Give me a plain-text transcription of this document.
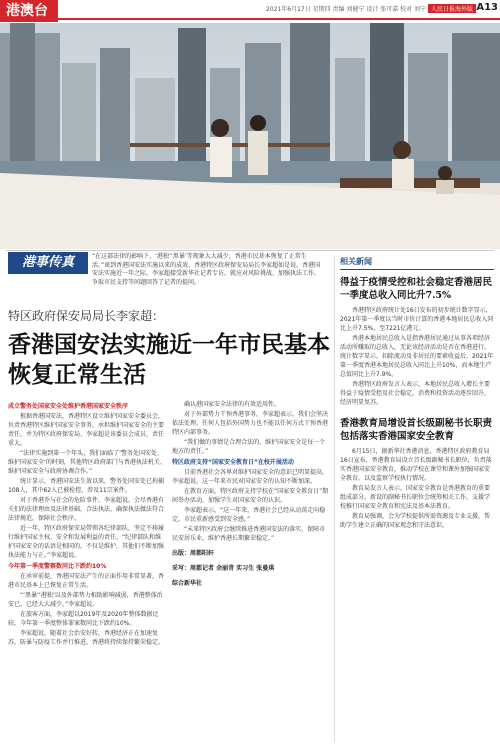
港澳台	2021年6月17日 星期四 责编 刘健宁 设计 张可嘉 校对 刘宁 人民日报海外版 A13
港事传真	“在这部法律的影响下，‘港独’‘黑暴’等现象大大减少，香港市民基本恢复了正常生活。”谈到香港国安法实施以来的成效，香港特区政府保安局局长李家超如是说。香港国安法实施近一年之际，李家超接受新华社记者专访，就应对风险挑战、加强执法工作、争取市民支持等问题回答了记者的提问。
特区政府保安局局长李家超：
香港国安法实施近一年市民基本恢复正常生活

成立警务处国家安全处维护香港国家安全秩序

根据香港国安法，香港特区设立维护国家安全委员会，负责香港特区维护国家安全事务，承担维护国家安全的主要责任，并为特区政府保安局、李家超是该委员会成员，责任重大。

“法律实施到第一个年头，我们面临了‘警务处国安处、维护国家安全’的时刻，其他特区政府部门与香港执法机关、维护国家安全与政府协调合作。”

统计显示，香港国安法生效以来，警务处国安处已拘捕108人，其中62人已被检控，涉及11宗案件。

对于香港乔与社会的危险事件，李家超说，会尽香港有关们的法律理由及法律基础，合法执法，确保执法做法符合法律规范，保障社会秩序。

近一年，特区政府保安局带领各纪律部队，坚定不移履行维护国家主权、安全和发展利益的责任。“纪律部队和维护国家安全的话语是相同的，不仅是维护，其他们不断加强执法能力与正。”李家超说。

今年第一季度警察数同比下跌约10%

在承审前提，香港国安法产生的正面作用非常显著，香港市民基本上已恢复正常生活。

“‘黑暴’‘港独’以及外部势力相助影响减弱，香港整体治安已，已经大大减少。”李家超说。

在旅客方面，李家超以2019年及2020年整体数据比较，今年第一季度整体罪案数同比下跌约10%。

李家超说，随着社会治安好转，香港经济正在加速复苏，防暴与防疫工作并行推进，香港将持续保持繁荣稳定。

确认港国家安全法律的有效适用性。

对于外部势力干预香港事务，李家超表示，我们会坚决依法处理。任何人包括外国势力也不能以任何方式干预香港特区内部事务。

“我们做的事情是合理合法的，维护国家安全是每一个地方的责任。”

特区政府支持“国家安全教育日”在校开展活动

目前香港社会各界对维护国家安全的意识已明显提高，李家超说，这一年来市民对国家安全的认知不断加深。

在教育方面，特区政府支持学校在“国家安全教育日”期间举办活动，加强学生对国家安全的认识。

李家超表示，“这一年来，香港社会已经从动荡走向稳定，市民重新感受到安全感。”

“未来特区政府会继续推进香港国安法的落实，保障市民安居乐业，维护香港长期繁荣稳定。”

出版：周都阳轩

采写：周都记者 余丽青 实习生 张曼琪

综合新华社

相关新闻
得益于疫情受控和社会稳定香港居民一季度总收入同比升7.5%

香港特区政府统计处16日发布的初步统计数字显示，2021年第一季度以当时市价计算的香港本地居民总收入同比上升7.5%，至7221亿港元。

香港本地居民总收入是指香港居民通过从事各项经济活动所赚取的总收入，无论该经济活动是否在香港进行。统计数字显示，扣除流动及非居民的要素收益后，2021年第一季度香港本地居民总收入同比上升10%，而本地生产总值同比上升7.9%。

香港特区政府发言人表示，本地居民总收入增长主要得益于疫情受控及社会稳定，消费和投资活动逐步回升，经济明显复苏。

香港教育局增设首长级副秘书长职责包括落实香港国家安全教育

6月15日，据新华社香港消息，香港特区政府教育局16日宣布，香港教育局设立首长级副秘书长职位，负责落实香港国家安全教育，推动学校在课堂和课外加强国家安全教育，以及监察学校执行情况。

教育局发言人表示，国家安全教育是香港教育的重要组成部分。新设的副秘书长职位会统筹相关工作，支援学校推行国家安全教育和宪法及基本法教育。

教育局强调，会为学校提供所需资源及专业支援，帮助学生建立正确的国家观念和守法意识。
